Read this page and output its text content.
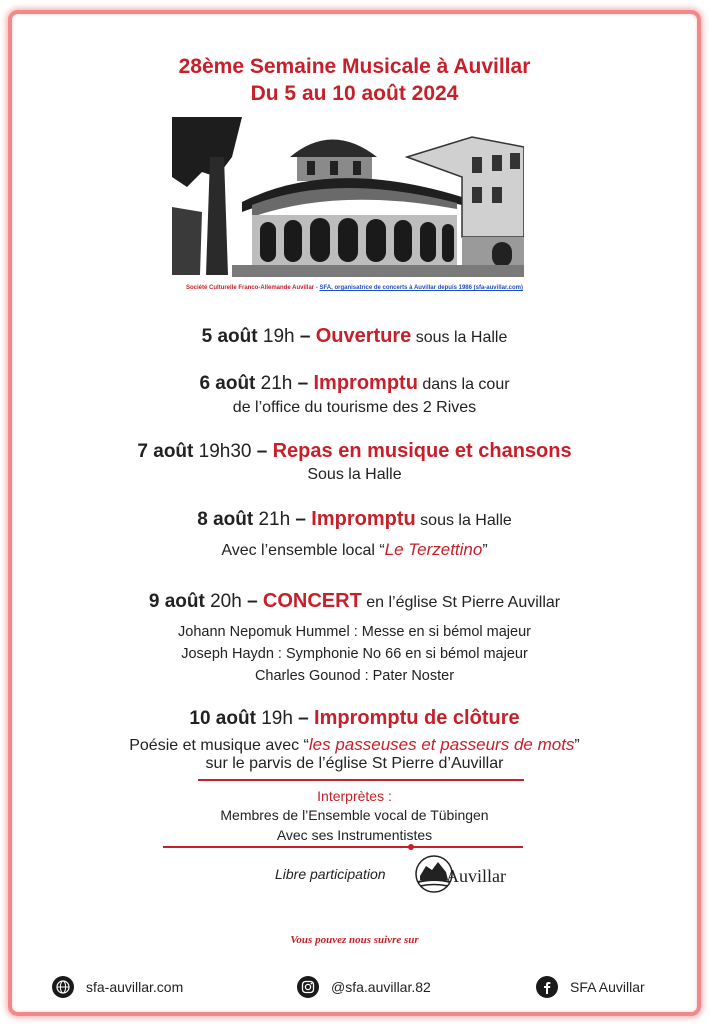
28ème Semaine Musicale à Auvillar
Du 5 au 10 août 2024
Société Culturelle Franco-Allemande Auvillar - SFA, organisatrice de concerts à Auvillar depuis 1986 (sfa-auvillar.com)
5 août 19h – Ouverture sous la Halle
6 août 21h – Impromptu dans la cour
de l’office du tourisme des 2 Rives
7 août 19h30 – Repas en musique et chansons
Sous la Halle
8 août 21h – Impromptu sous la Halle
Avec l’ensemble local “Le Terzettino”
9 août 20h – CONCERT en l’église St Pierre Auvillar
Johann Nepomuk Hummel : Messe en si bémol majeur
Joseph Haydn : Symphonie No 66 en si bémol majeur
Charles Gounod : Pater Noster
10 août 19h – Impromptu de clôture
Poésie et musique avec “les passeuses et passeurs de mots”
sur le parvis de l’église St Pierre d’Auvillar
Interprètes :
Membres de l’Ensemble vocal de Tübingen
Avec ses Instrumentistes
Libre participation	Auvillar
Vous pouvez nous suivre sur
sfa-auvillar.com	@sfa.auvillar.82	SFA Auvillar
